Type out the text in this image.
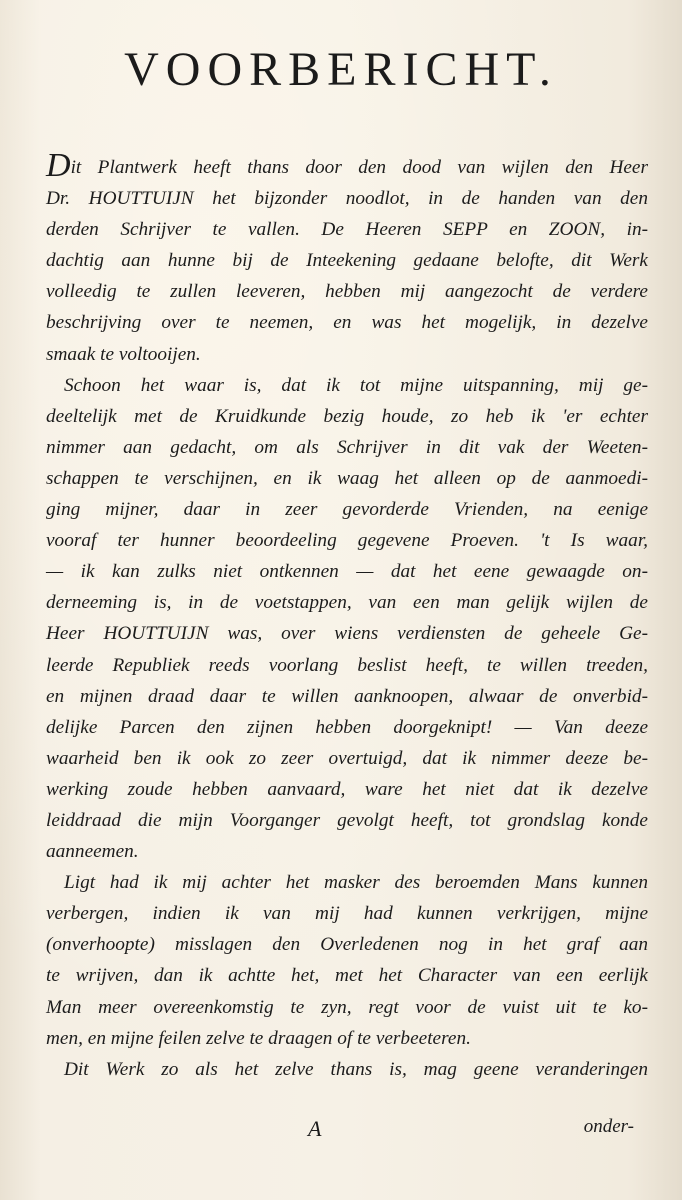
VOORBERICHT.
Dit Plantwerk heeft thans door den dood van wijlen den Heer
Dr. HOUTTUIJN het bijzonder noodlot, in de handen van den
derden Schrijver te vallen. De Heeren SEPP en ZOON, in-
dachtig aan hunne bij de Inteekening gedaane belofte, dit Werk
volleedig te zullen leeveren, hebben mij aangezocht de verdere
beschrijving over te neemen, en was het mogelijk, in dezelve
smaak te voltooijen.
Schoon het waar is, dat ik tot mijne uitspanning, mij ge-
deeltelijk met de Kruidkunde bezig houde, zo heb ik 'er echter
nimmer aan gedacht, om als Schrijver in dit vak der Weeten-
schappen te verschijnen, en ik waag het alleen op de aanmoedi-
ging mijner, daar in zeer gevorderde Vrienden, na eenige
vooraf ter hunner beoordeeling gegevene Proeven. 't Is waar,
— ik kan zulks niet ontkennen — dat het eene gewaagde on-
derneeming is, in de voetstappen, van een man gelijk wijlen de
Heer HOUTTUIJN was, over wiens verdiensten de geheele Ge-
leerde Republiek reeds voorlang beslist heeft, te willen treeden,
en mijnen draad daar te willen aanknoopen, alwaar de onverbid-
delijke Parcen den zijnen hebben doorgeknipt! — Van deeze
waarheid ben ik ook zo zeer overtuigd, dat ik nimmer deeze be-
werking zoude hebben aanvaard, ware het niet dat ik dezelve
leiddraad die mijn Voorganger gevolgt heeft, tot grondslag konde
aanneemen.
Ligt had ik mij achter het masker des beroemden Mans kunnen
verbergen, indien ik van mij had kunnen verkrijgen, mijne
(onverhoopte) misslagen den Overledenen nog in het graf aan
te wrijven, dan ik achtte het, met het Character van een eerlijk
Man meer overeenkomstig te zyn, regt voor de vuist uit te ko-
men, en mijne feilen zelve te draagen of te verbeeteren.
Dit Werk zo als het zelve thans is, mag geene veranderingen
A	onder-
